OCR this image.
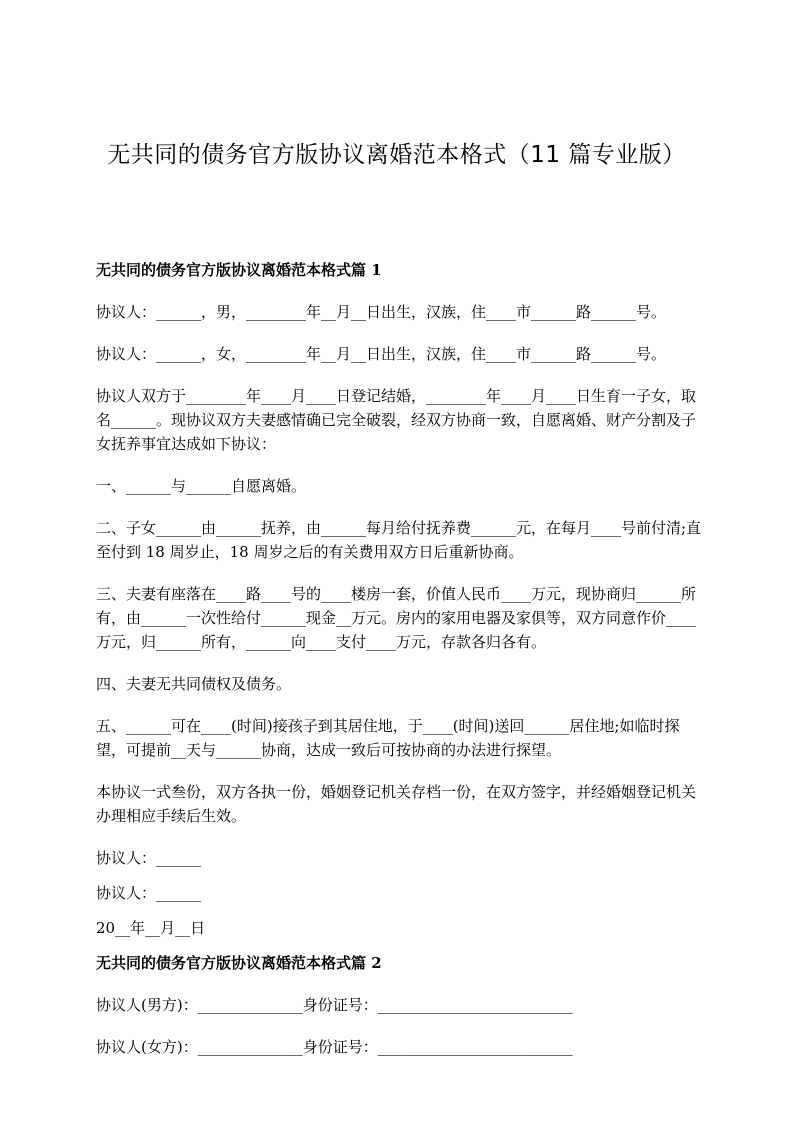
无共同的债务官方版协议离婚范本格式（11 篇专业版）
无共同的债务官方版协议离婚范本格式篇 1

协议人：______，男，________年__月__日出生，汉族，住____市______路______号。

协议人：______，女，________年__月__日出生，汉族，住____市______路______号。

协议人双方于________年____月____日登记结婚，________年____月____日生育一子女，取名______。现协议双方夫妻感情确已完全破裂，经双方协商一致，自愿离婚、财产分割及子女抚养事宜达成如下协议：

一、______与______自愿离婚。

二、子女______由______抚养，由______每月给付抚养费______元，在每月____号前付清;直至付到 18 周岁止，18 周岁之后的有关费用双方日后重新协商。

三、夫妻有座落在____路____号的____楼房一套，价值人民币____万元，现协商归______所有，由______一次性给付______现金__万元。房内的家用电器及家俱等，双方同意作价____万元，归______所有，______向____支付____万元，存款各归各有。

四、夫妻无共同债权及债务。

五、______可在____(时间)接孩子到其居住地，于____(时间)送回______居住地;如临时探望，可提前__天与______协商，达成一致后可按协商的办法进行探望。

本协议一式叁份，双方各执一份，婚姻登记机关存档一份，在双方签字，并经婚姻登记机关办理相应手续后生效。

协议人：______

协议人：______

20__年__月__日

无共同的债务官方版协议离婚范本格式篇 2

协议人(男方)：______________身份证号：__________________________

协议人(女方)：______________身份证号：__________________________
